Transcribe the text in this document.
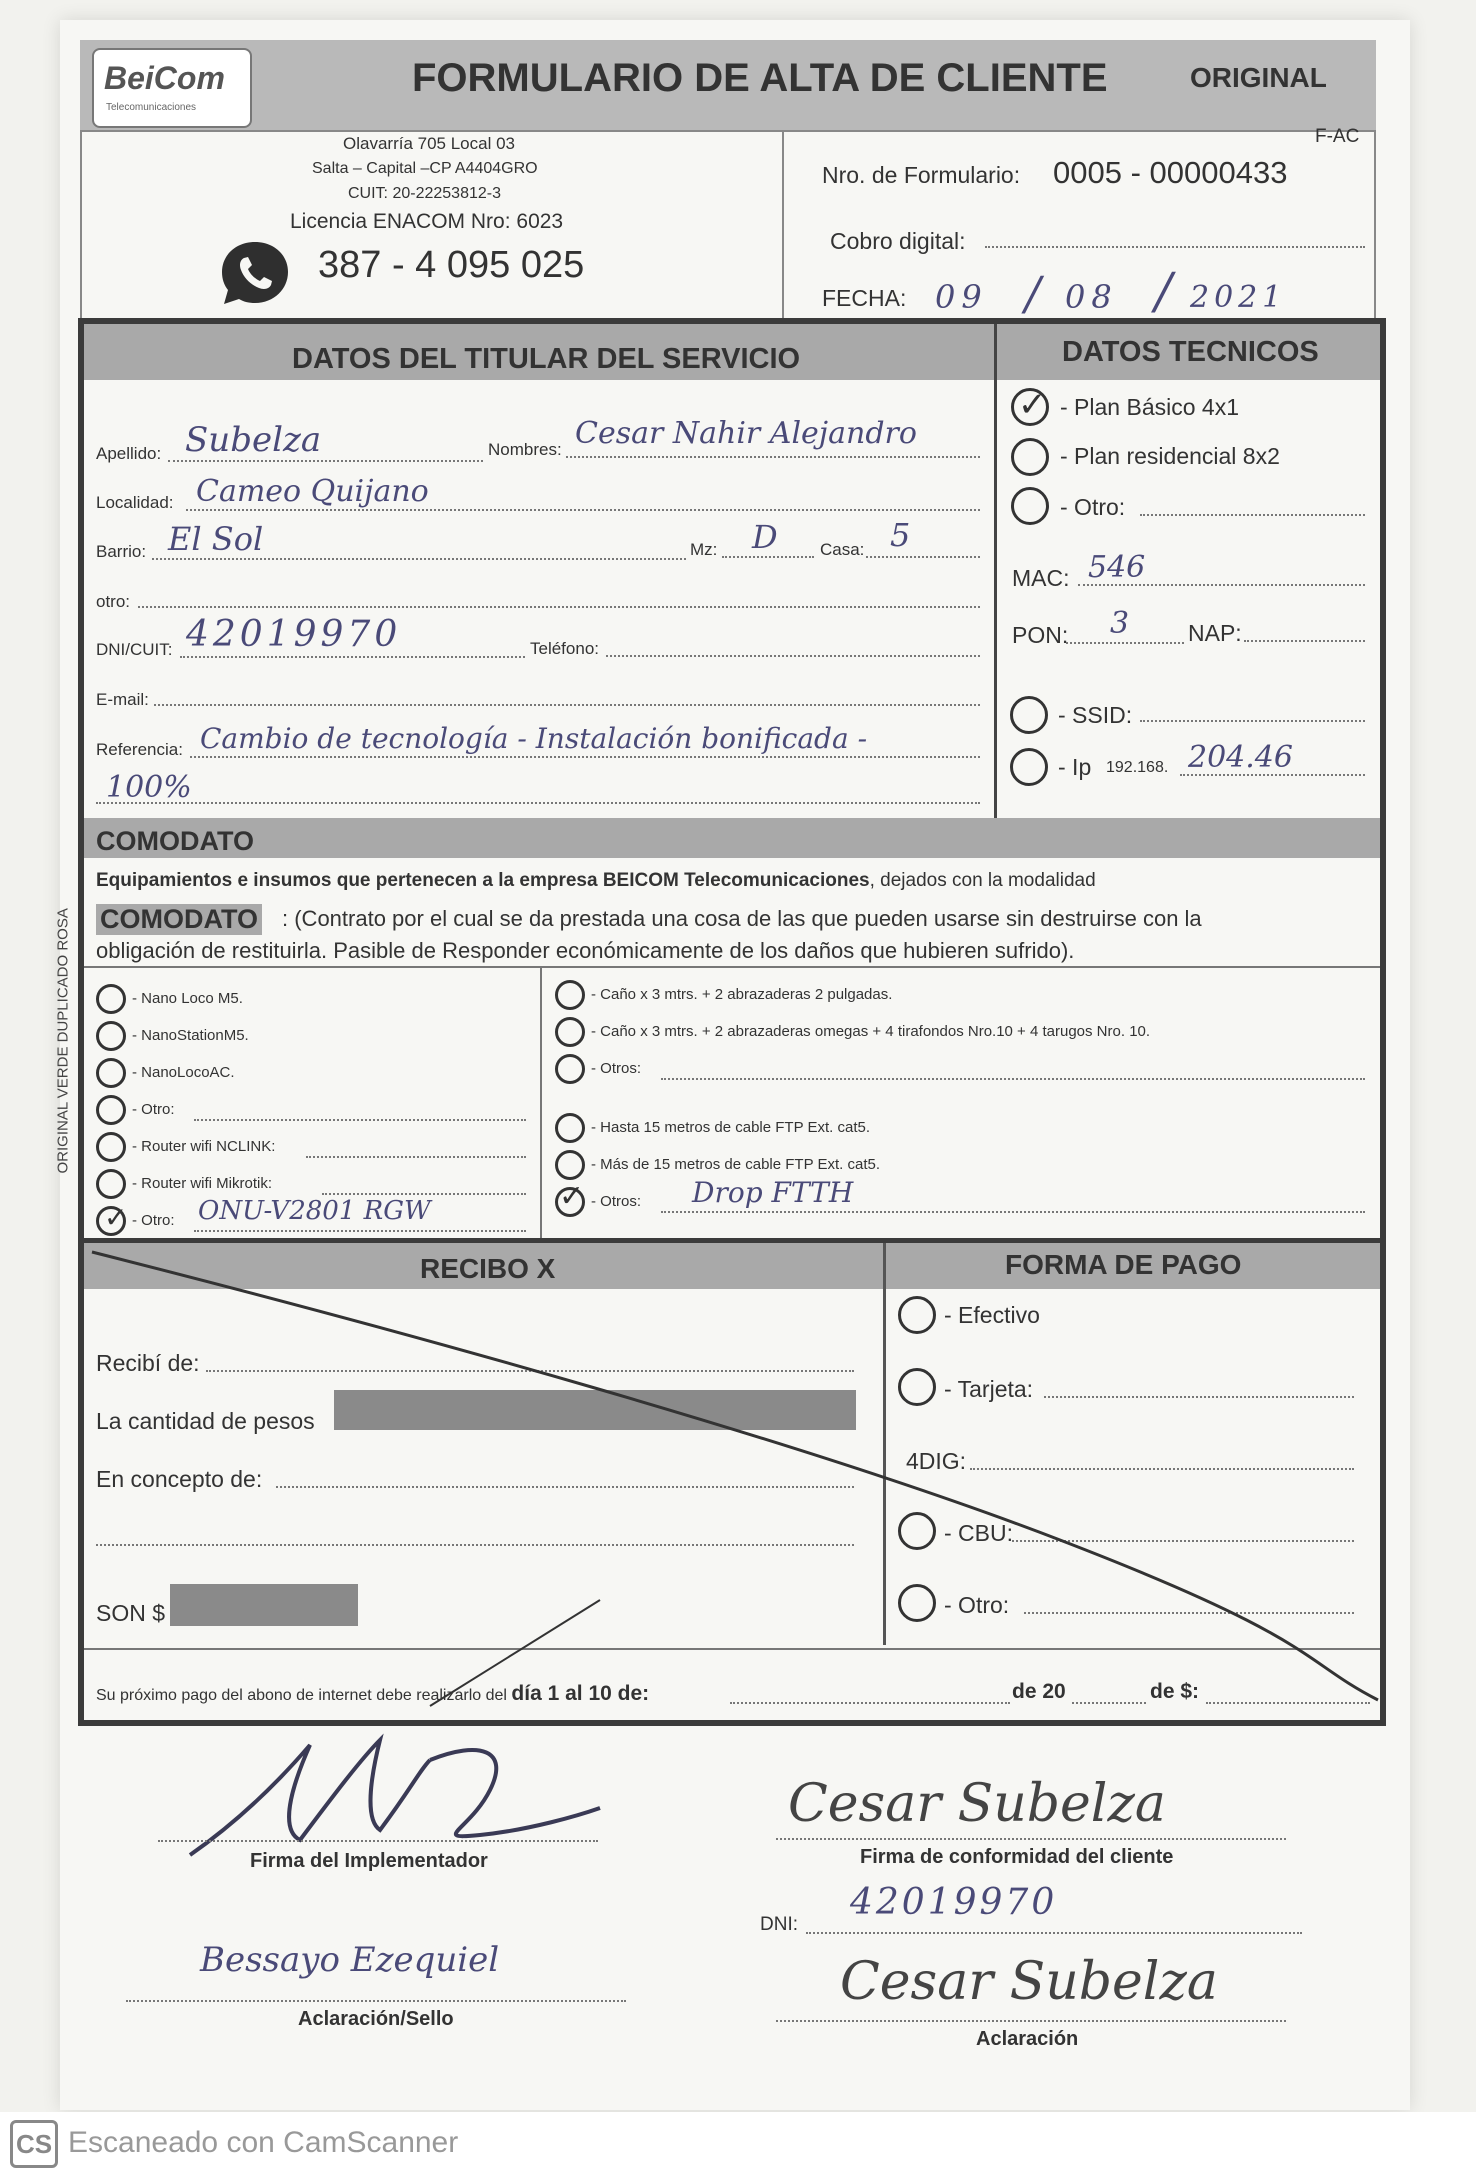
BeiCom
Telecomunicaciones
FORMULARIO DE ALTA DE CLIENTE	ORIGINAL
Olavarría 705 Local 03
Salta – Capital –CP A4404GRO
CUIT: 20-22253812-3
Licencia ENACOM Nro: 6023
387 - 4 095 025
F-AC
Nro. de Formulario: 0005 - 00000433
Cobro digital:
FECHA: 09 / 08 / 2021
DATOS DEL TITULAR DEL SERVICIO	DATOS TECNICOS
Apellido: Subelza	Nombres: Cesar Nahir Alejandro
Localidad: Cameo Quijano
Barrio: El Sol	Mz: D Casa: 5
otro:
DNI/CUIT: 42019970	Teléfono:
E-mail:
Referencia: Cambio de tecnología - Instalación bonificada -
100%
✓ - Plan Básico 4x1
- Plan residencial 8x2
- Otro:
MAC: 546
PON: 3	NAP:
- SSID:
- Ip 192.168. 204.46
COMODATO
Equipamientos e insumos que pertenecen a la empresa BEICOM Telecomunicaciones, dejados con la modalidad
COMODATO : (Contrato por el cual se da prestada una cosa de las que pueden usarse sin destruirse con la
obligación de restituirla. Pasible de Responder económicamente de los daños que hubieren sufrido).
- Nano Loco M5.
- NanoStationM5.
- NanoLocoAC.
- Otro:
- Router wifi NCLINK:
- Router wifi Mikrotik:
- Otro: ONU-V2801 RGW
✓
- Caño x 3 mtrs. + 2 abrazaderas 2 pulgadas.
- Caño x 3 mtrs. + 2 abrazaderas omegas + 4 tirafondos Nro.10 + 4 tarugos Nro. 10.
- Otros:
- Hasta 15 metros de cable FTP Ext. cat5.
- Más de 15 metros de cable FTP Ext. cat5.
- Otros: Drop FTTH
✓
RECIBO X	FORMA DE PAGO
Recibí de:
La cantidad de pesos
En concepto de:
SON $
- Efectivo
- Tarjeta:
4DIG:
- CBU:
- Otro:
Su próximo pago del abono de internet debe realizarlo del día 1 al 10 de:	de 20	de $:
Firma del Implementador
Bessayo Ezequiel
Aclaración/Sello
Cesar Subelza
Firma de conformidad del cliente
DNI:
42019970
Cesar Subelza
Aclaración
ORIGINAL VERDE DUPLICADO ROSA
CS Escaneado con CamScanner
